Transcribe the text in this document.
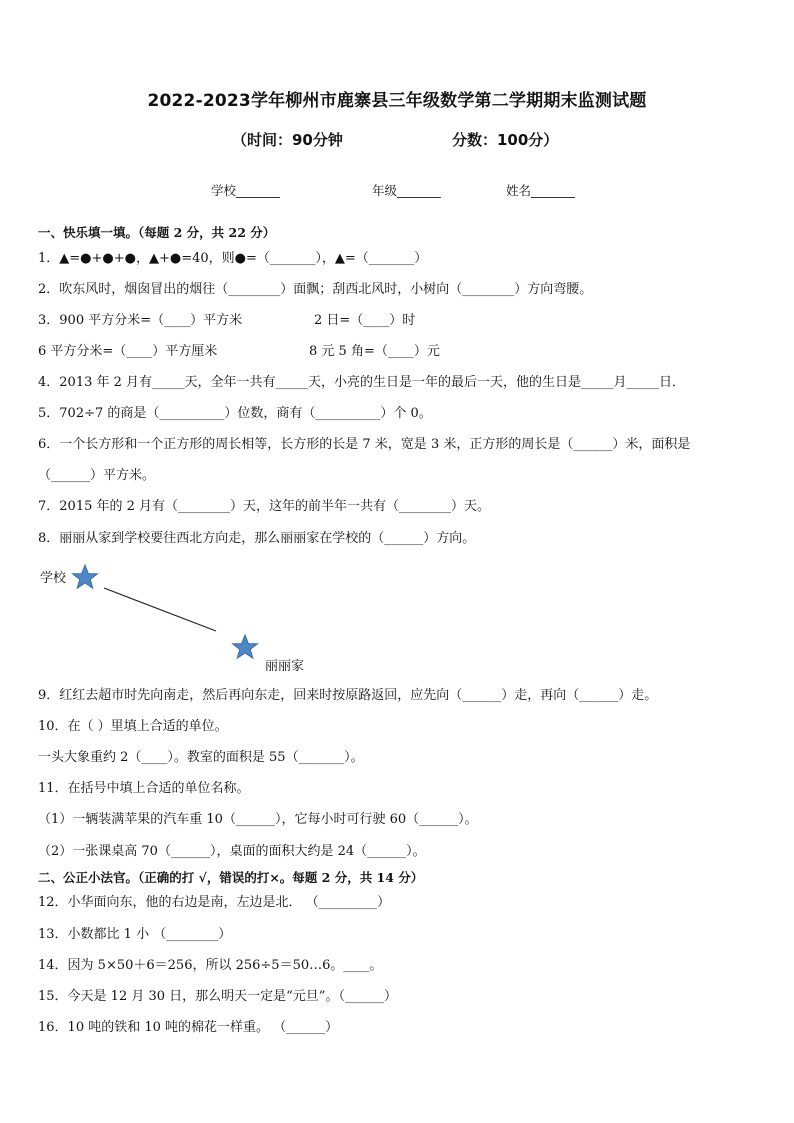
2022-2023学年柳州市鹿寨县三年级数学第二学期期末监测试题
（时间：90分钟	分数：100分）
学校_______	年级_______	姓名_______
一、快乐填一填。（每题 2 分，共 22 分）
1．▲=●+●+●，▲+●=40，则●=（_______），▲=（_______）
2．吹东风时，烟囱冒出的烟往（________）面飘；刮西北风时，小树向（________）方向弯腰。
3．900 平方分米=（____）平方米	2 日=（____）时
6 平方分米=（____）平方厘米	8 元 5 角=（____）元
4．2013 年 2 月有_____天，全年一共有_____天，小亮的生日是一年的最后一天，他的生日是_____月_____日．
5．702÷7 的商是（__________）位数，商有（__________）个 0。
6．一个长方形和一个正方形的周长相等，长方形的长是 7 米，宽是 3 米，正方形的周长是（______）米，面积是
（______）平方米。
7．2015 年的 2 月有（________）天，这年的前半年一共有（________）天。
8．丽丽从家到学校要往西北方向走，那么丽丽家在学校的（______）方向。
学校
丽丽家
9．红红去超市时先向南走，然后再向东走，回来时按原路返回，应先向（______）走，再向（______）走。
10．在（ ）里填上合适的单位。
一头大象重约 2（____）。教室的面积是 55（_______）。
11．在括号中填上合适的单位名称。
（1）一辆装满苹果的汽车重 10（______），它每小时可行驶 60（______）。
（2）一张课桌高 70（______），桌面的面积大约是 24（______）。
二、公正小法官。（正确的打 √，错误的打×。每题 2 分，共 14 分）
12．小华面向东，他的右边是南，左边是北． （_________）
13．小数都比 1 小 （________）
14．因为 5×50＋6＝256，所以 256÷5＝50…6。____。
15．今天是 12 月 30 日，那么明天一定是“元旦”。（______）
16．10 吨的铁和 10 吨的棉花一样重。 （______）
